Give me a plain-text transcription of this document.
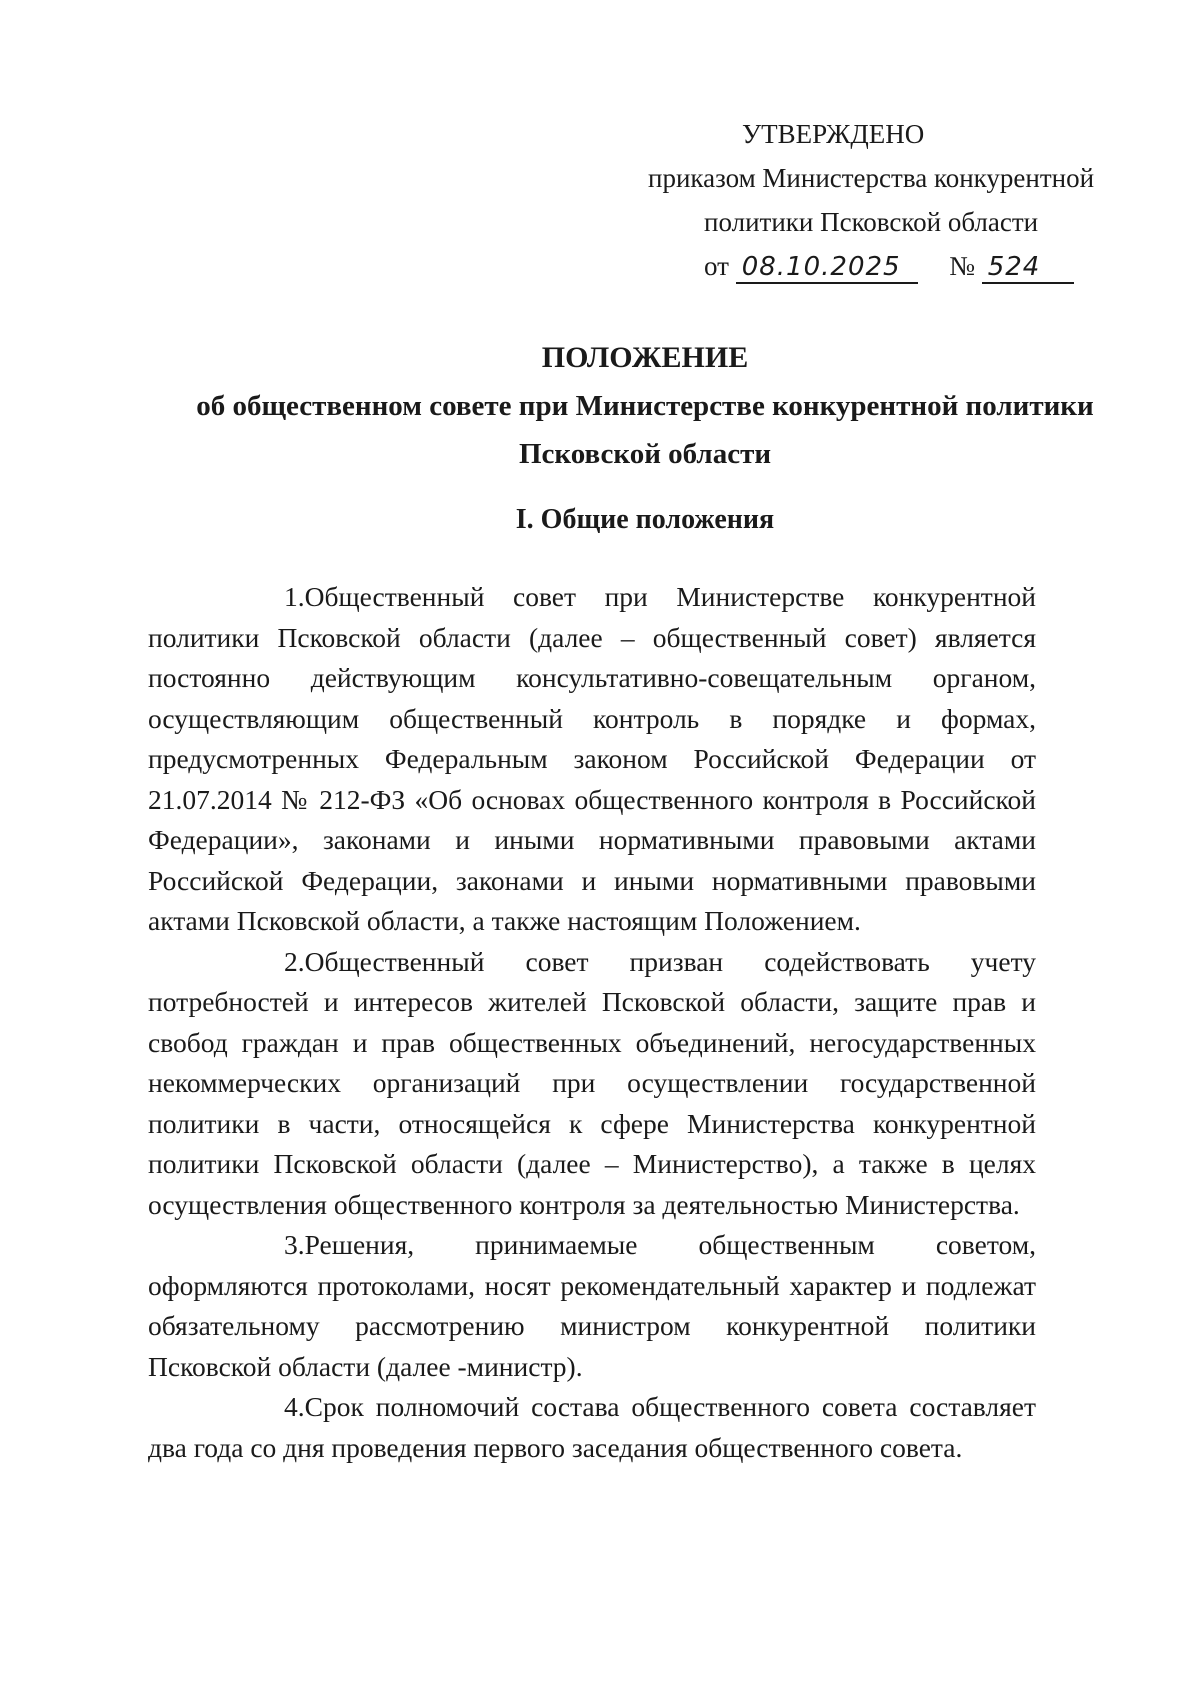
УТВЕРЖДЕНО
приказом Министерства конкурентной
политики Псковской области
от 08.10.2025 № 524
ПОЛОЖЕНИЕ
об общественном совете при Министерстве конкурентной политики
Псковской области
I. Общие положения

1.Общественный совет при Министерстве конкурентной политики Псковской области (далее – общественный совет) является постоянно действующим консультативно-совещательным органом, осуществляющим общественный контроль в порядке и формах, предусмотренных Федеральным законом Российской Федерации от 21.07.2014 № 212-ФЗ «Об основах общественного контроля в Российской Федерации», законами и иными нормативными правовыми актами Российской Федерации, законами и иными нормативными правовыми актами Псковской области, а также настоящим Положением.

2.Общественный совет призван содействовать учету потребностей и интересов жителей Псковской области, защите прав и свобод граждан и прав общественных объединений, негосударственных некоммерческих организаций при осуществлении государственной политики в части, относящейся к сфере Министерства конкурентной политики Псковской области (далее – Министерство), а также в целях осуществления общественного контроля за деятельностью Министерства.

3.Решения, принимаемые общественным советом, оформляются протоколами, носят рекомендательный характер и подлежат обязательному рассмотрению министром конкурентной политики Псковской области (далее -министр).

4.Срок полномочий состава общественного совета составляет два года со дня проведения первого заседания общественного совета.
